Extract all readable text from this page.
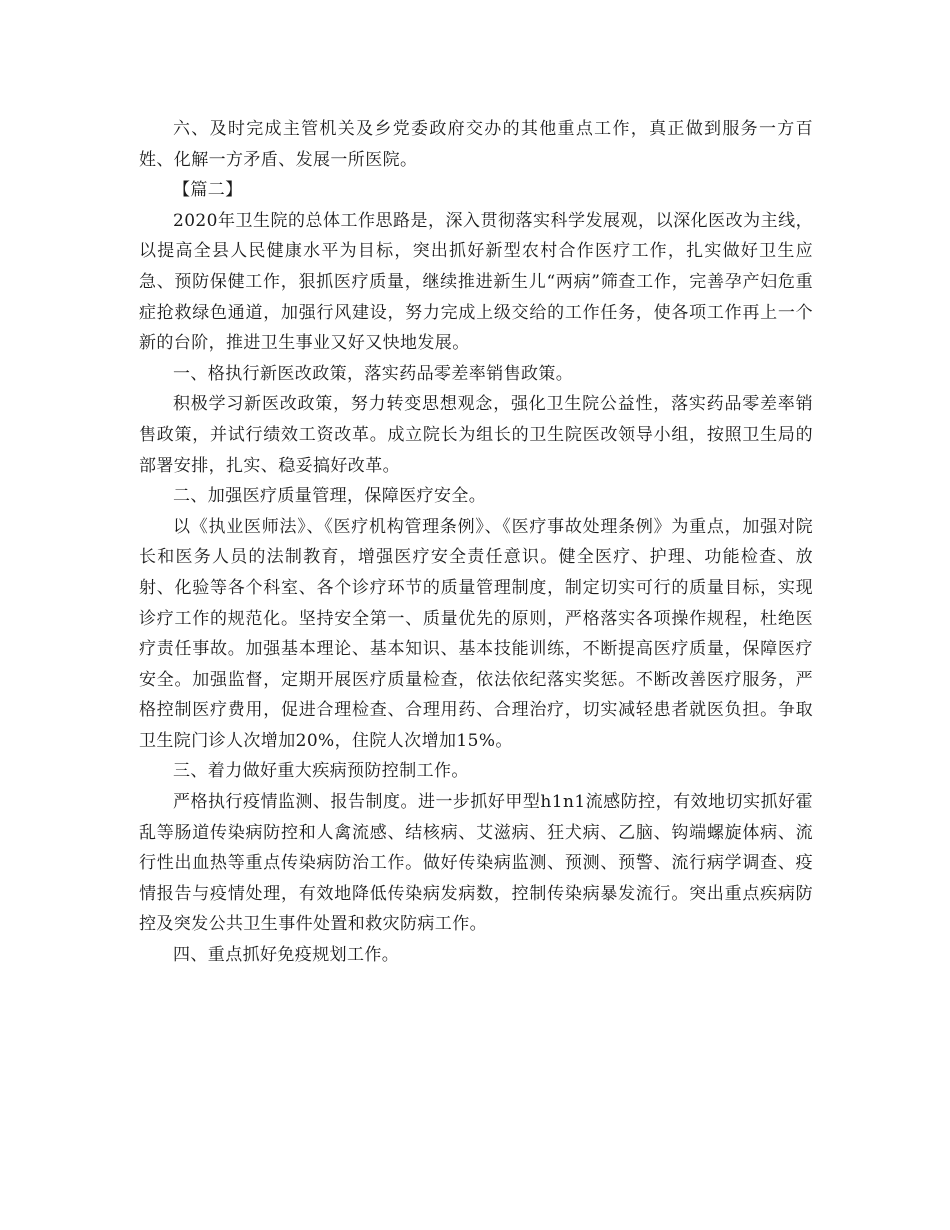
六、及时完成主管机关及乡党委政府交办的其他重点工作，真正做到服务一方百姓、化解一方矛盾、发展一所医院。

【篇二】

2020年卫生院的总体工作思路是，深入贯彻落实科学发展观，以深化医改为主线，以提高全县人民健康水平为目标，突出抓好新型农村合作医疗工作，扎实做好卫生应急、预防保健工作，狠抓医疗质量，继续推进新生儿“两病”筛查工作，完善孕产妇危重症抢救绿色通道，加强行风建设，努力完成上级交给的工作任务，使各项工作再上一个新的台阶，推进卫生事业又好又快地发展。

一、格执行新医改政策，落实药品零差率销售政策。

积极学习新医改政策，努力转变思想观念，强化卫生院公益性，落实药品零差率销售政策，并试行绩效工资改革。成立院长为组长的卫生院医改领导小组，按照卫生局的部署安排，扎实、稳妥搞好改革。

二、加强医疗质量管理，保障医疗安全。

以《执业医师法》、《医疗机构管理条例》、《医疗事故处理条例》为重点，加强对院长和医务人员的法制教育，增强医疗安全责任意识。健全医疗、护理、功能检查、放射、化验等各个科室、各个诊疗环节的质量管理制度，制定切实可行的质量目标，实现诊疗工作的规范化。坚持安全第一、质量优先的原则，严格落实各项操作规程，杜绝医疗责任事故。加强基本理论、基本知识、基本技能训练，不断提高医疗质量，保障医疗安全。加强监督，定期开展医疗质量检查，依法依纪落实奖惩。不断改善医疗服务，严格控制医疗费用，促进合理检查、合理用药、合理治疗，切实减轻患者就医负担。争取卫生院门诊人次增加20%，住院人次增加15%。

三、着力做好重大疾病预防控制工作。

严格执行疫情监测、报告制度。进一步抓好甲型h1n1流感防控，有效地切实抓好霍乱等肠道传染病防控和人禽流感、结核病、艾滋病、狂犬病、乙脑、钩端螺旋体病、流行性出血热等重点传染病防治工作。做好传染病监测、预测、预警、流行病学调查、疫情报告与疫情处理，有效地降低传染病发病数，控制传染病暴发流行。突出重点疾病防控及突发公共卫生事件处置和救灾防病工作。

四、重点抓好免疫规划工作。
